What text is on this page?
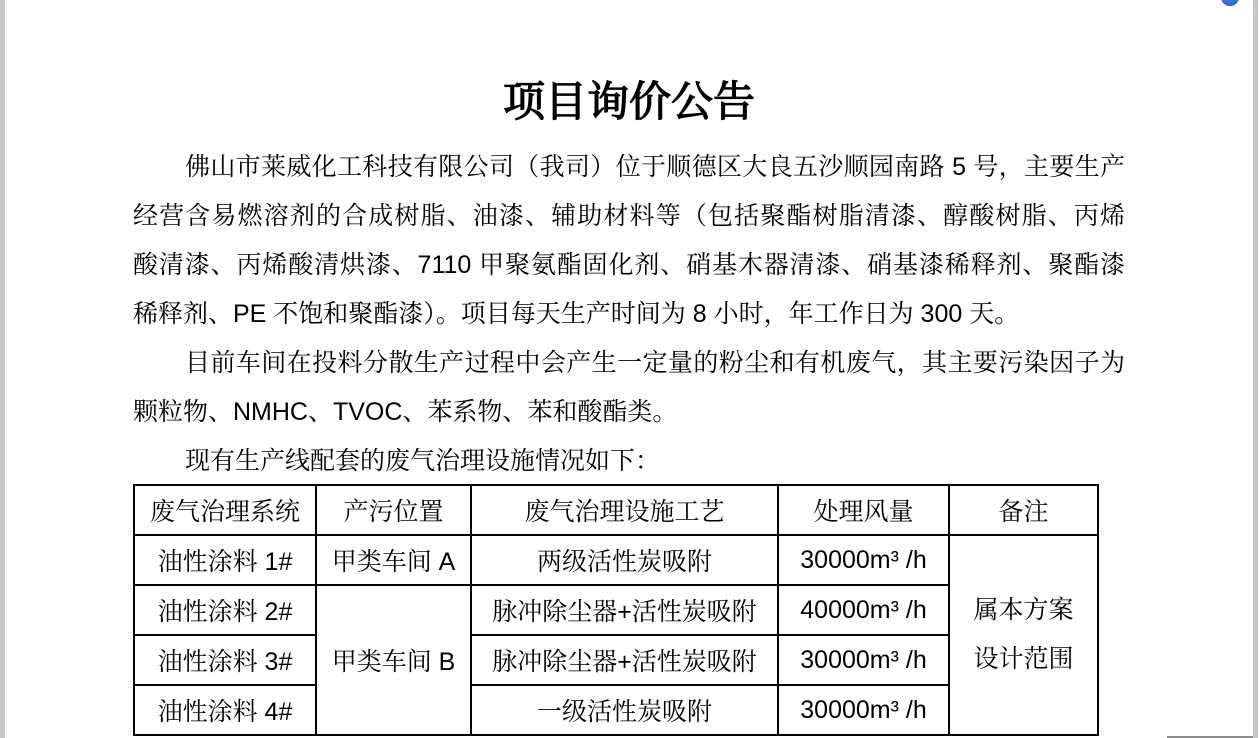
项目询价公告
佛山市莱威化工科技有限公司（我司）位于顺德区大良五沙顺园南路 5 号，主要生产
经营含易燃溶剂的合成树脂、油漆、辅助材料等（包括聚酯树脂清漆、醇酸树脂、丙烯
酸清漆、丙烯酸清烘漆、7110 甲聚氨酯固化剂、硝基木器清漆、硝基漆稀释剂、聚酯漆
稀释剂、PE 不饱和聚酯漆）。项目每天生产时间为 8 小时，年工作日为 300 天。
目前车间在投料分散生产过程中会产生一定量的粉尘和有机废气，其主要污染因子为
颗粒物、NMHC、TVOC、苯系物、苯和酸酯类。
现有生产线配套的废气治理设施情况如下：
废气治理系统	产污位置	废气治理设施工艺	处理风量	备注
油性涂料 1#	甲类车间 A	两级活性炭吸附	30000m³ /h	属本方案
设计范围

油性涂料 2#	甲类车间 B	脉冲除尘器+活性炭吸附	40000m³ /h	
油性涂料 3#		脉冲除尘器+活性炭吸附	30000m³ /h	
油性涂料 4#		一级活性炭吸附	30000m³ /h	
